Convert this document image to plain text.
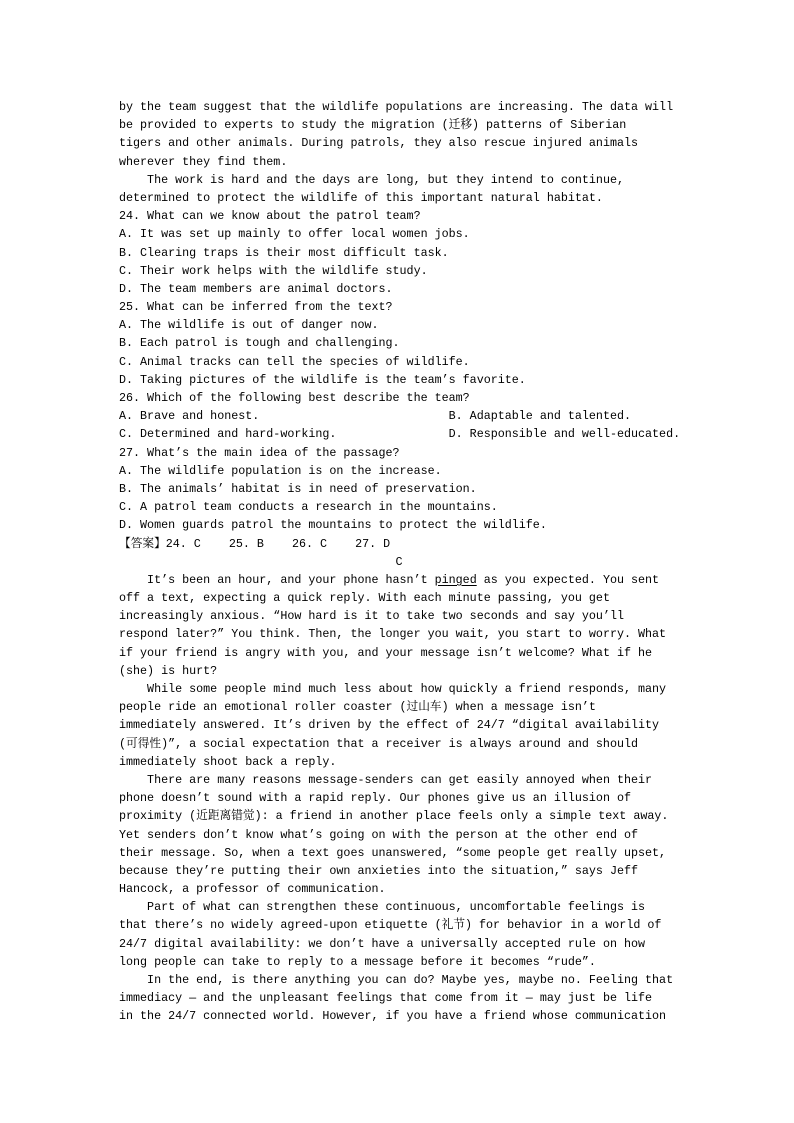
by the team suggest that the wildlife populations are increasing. The data will
be provided to experts to study the migration (迁移) patterns of Siberian
tigers and other animals. During patrols, they also rescue injured animals
wherever they find them.
The work is hard and the days are long, but they intend to continue,
determined to protect the wildlife of this important natural habitat.
24. What can we know about the patrol team?
A. It was set up mainly to offer local women jobs.
B. Clearing traps is their most difficult task.
C. Their work helps with the wildlife study.
D. The team members are animal doctors.
25. What can be inferred from the text?
A. The wildlife is out of danger now.
B. Each patrol is tough and challenging.
C. Animal tracks can tell the species of wildlife.
D. Taking pictures of the wildlife is the team’s favorite.
26. Which of the following best describe the team?
A. Brave and honest.                           B. Adaptable and talented.
C. Determined and hard-working.                D. Responsible and well-educated.
27. What’s the main idea of the passage?
A. The wildlife population is on the increase.
B. The animals’ habitat is in need of preservation.
C. A patrol team conducts a research in the mountains.
D. Women guards patrol the mountains to protect the wildlife.
【答案】24. C    25. B    26. C    27. D
C
It’s been an hour, and your phone hasn’t pinged as you expected. You sent
off a text, expecting a quick reply. With each minute passing, you get
increasingly anxious. “How hard is it to take two seconds and say you’ll
respond later?” You think. Then, the longer you wait, you start to worry. What
if your friend is angry with you, and your message isn’t welcome? What if he
(she) is hurt?
While some people mind much less about how quickly a friend responds, many
people ride an emotional roller coaster (过山车) when a message isn’t
immediately answered. It’s driven by the effect of 24/7 “digital availability
(可得性)”, a social expectation that a receiver is always around and should
immediately shoot back a reply.
There are many reasons message-senders can get easily annoyed when their
phone doesn’t sound with a rapid reply. Our phones give us an illusion of
proximity (近距离错觉): a friend in another place feels only a simple text away.
Yet senders don’t know what’s going on with the person at the other end of
their message. So, when a text goes unanswered, “some people get really upset,
because they’re putting their own anxieties into the situation,” says Jeff
Hancock, a professor of communication.
Part of what can strengthen these continuous, uncomfortable feelings is
that there’s no widely agreed-upon etiquette (礼节) for behavior in a world of
24/7 digital availability: we don’t have a universally accepted rule on how
long people can take to reply to a message before it becomes “rude”.
In the end, is there anything you can do? Maybe yes, maybe no. Feeling that
immediacy — and the unpleasant feelings that come from it — may just be life
in the 24/7 connected world. However, if you have a friend whose communication
